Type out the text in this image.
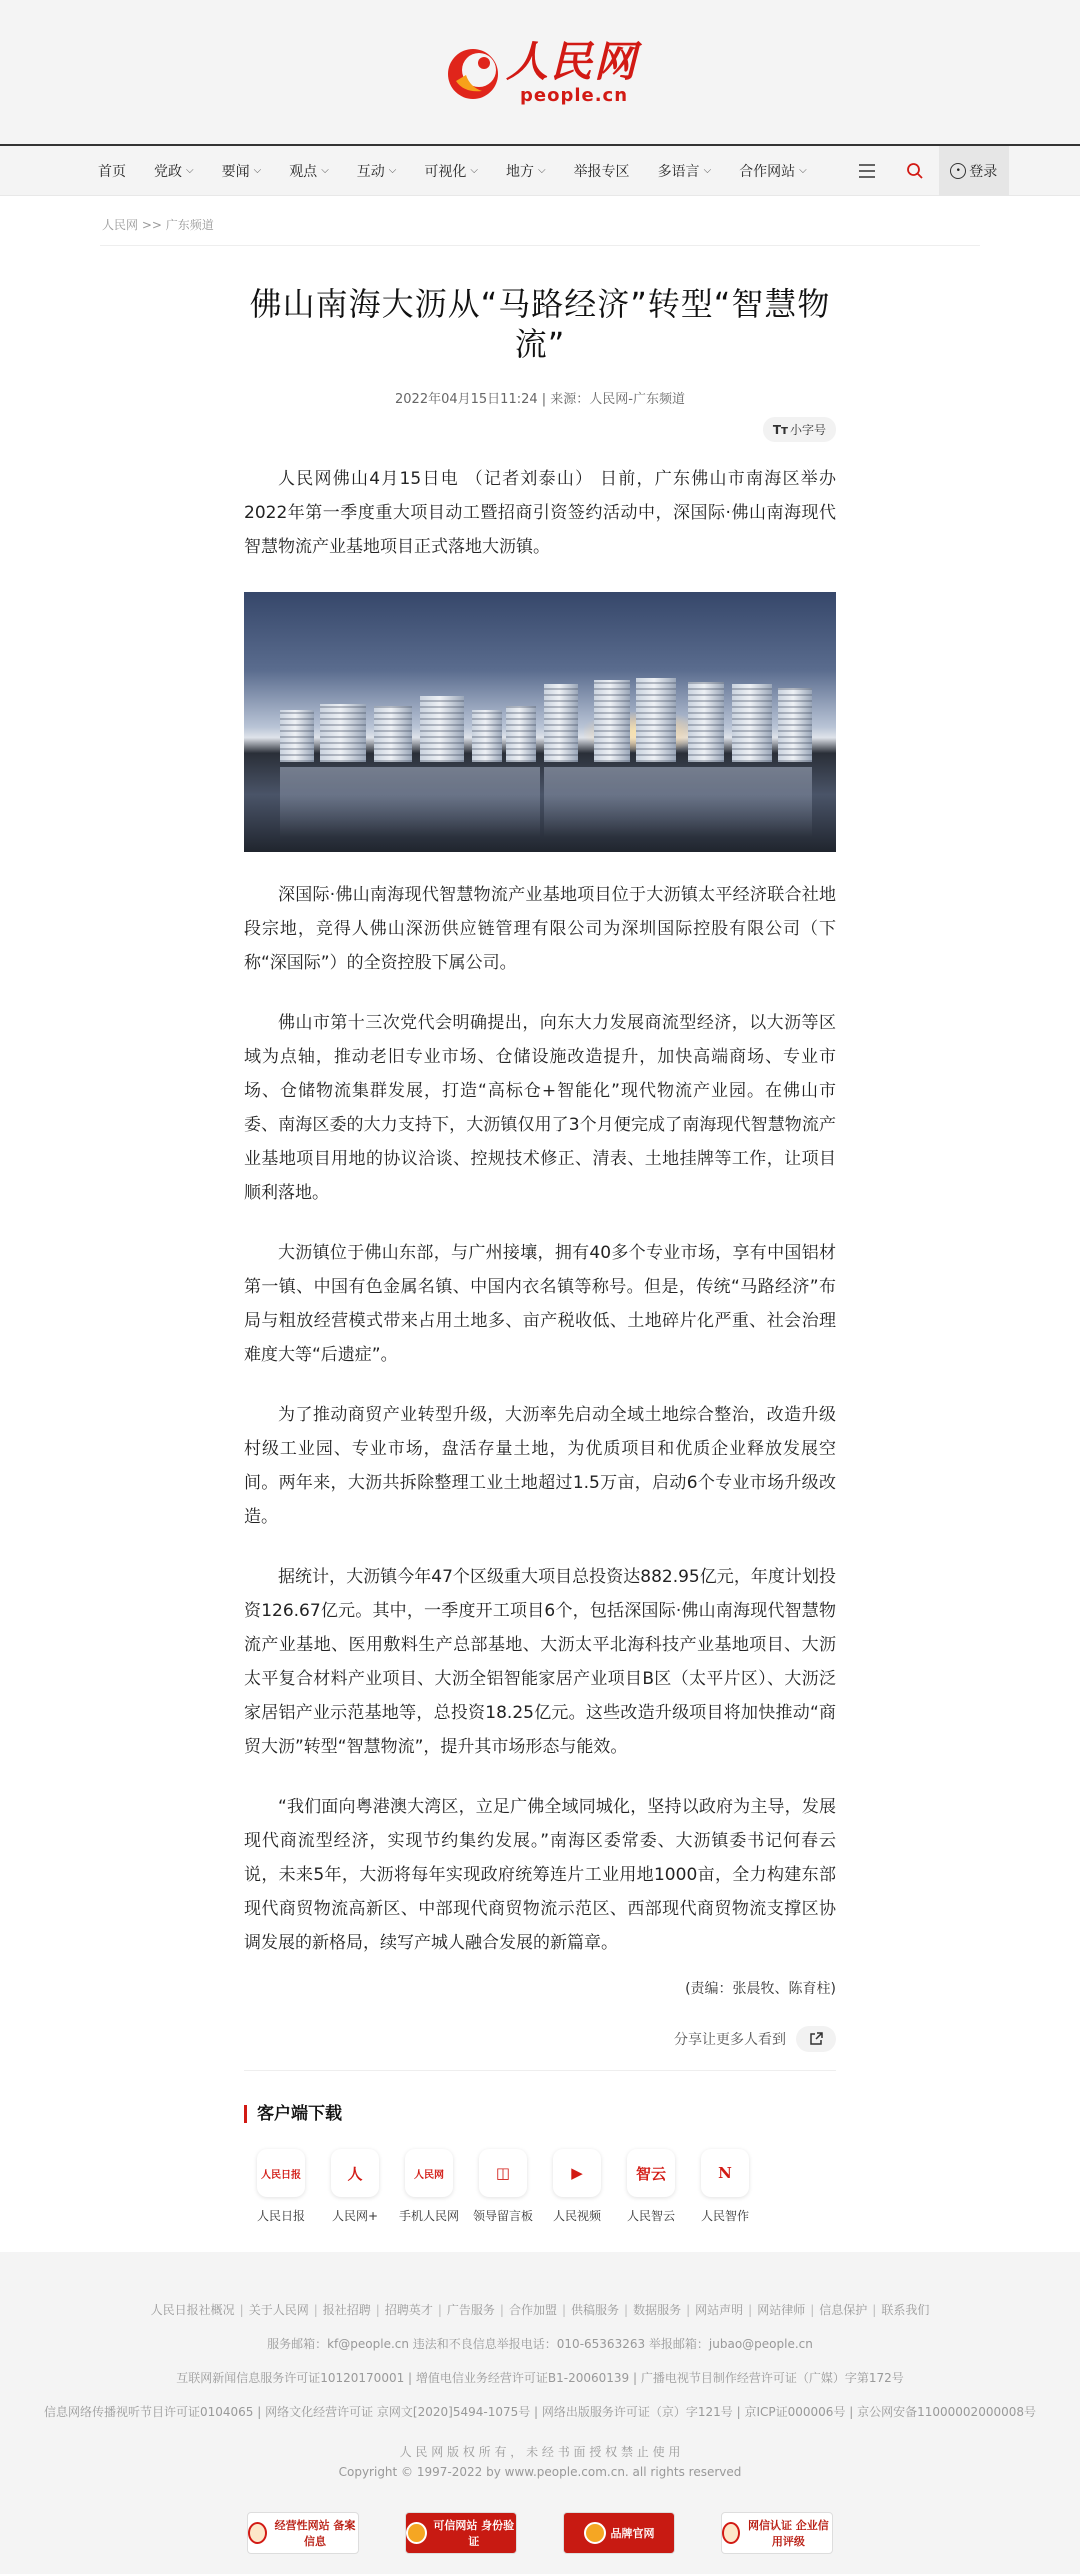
人民网
people.cn
首页 党政 ⌵ 要闻 ⌵ 观点 ⌵ 互动 ⌵ 可视化 ⌵ 地方 ⌵ 举报专区 多语言 ⌵ 合作网站 ⌵	• 登录
人民网 >> 广东频道
佛山南海大沥从“马路经济”转型“智慧物流”
2022年04月15日11:24 | 来源：人民网-广东频道
Tт 小字号

人民网佛山4月15日电 （记者刘泰山） 日前，广东佛山市南海区举办2022年第一季度重大项目动工暨招商引资签约活动中，深国际·佛山南海现代智慧物流产业基地项目正式落地大沥镇。

深国际·佛山南海现代智慧物流产业基地项目位于大沥镇太平经济联合社地段宗地，竞得人佛山深沥供应链管理有限公司为深圳国际控股有限公司（下称“深国际”）的全资控股下属公司。

佛山市第十三次党代会明确提出，向东大力发展商流型经济，以大沥等区域为点轴，推动老旧专业市场、仓储设施改造提升，加快高端商场、专业市场、仓储物流集群发展，打造“高标仓+智能化”现代物流产业园。在佛山市委、南海区委的大力支持下，大沥镇仅用了3个月便完成了南海现代智慧物流产业基地项目用地的协议洽谈、控规技术修正、清表、土地挂牌等工作，让项目顺利落地。

大沥镇位于佛山东部，与广州接壤，拥有40多个专业市场，享有中国铝材第一镇、中国有色金属名镇、中国内衣名镇等称号。但是，传统“马路经济”布局与粗放经营模式带来占用土地多、亩产税收低、土地碎片化严重、社会治理难度大等“后遗症”。

为了推动商贸产业转型升级，大沥率先启动全域土地综合整治，改造升级村级工业园、专业市场，盘活存量土地，为优质项目和优质企业释放发展空间。两年来，大沥共拆除整理工业土地超过1.5万亩，启动6个专业市场升级改造。

据统计，大沥镇今年47个区级重大项目总投资达882.95亿元，年度计划投资126.67亿元。其中，一季度开工项目6个，包括深国际·佛山南海现代智慧物流产业基地、医用敷料生产总部基地、大沥太平北海科技产业基地项目、大沥太平复合材料产业项目、大沥全铝智能家居产业项目B区（太平片区）、大沥泛家居铝产业示范基地等，总投资18.25亿元。这些改造升级项目将加快推动“商贸大沥”转型“智慧物流”，提升其市场形态与能效。

“我们面向粤港澳大湾区，立足广佛全域同城化，坚持以政府为主导，发展现代商流型经济，实现节约集约发展。”南海区委常委、大沥镇委书记何春云说，未来5年，大沥将每年实现政府统筹连片工业用地1000亩，全力构建东部现代商贸物流高新区、中部现代商贸物流示范区、西部现代商贸物流支撑区协调发展的新格局，续写产城人融合发展的新篇章。

(责编：张晨牧、陈育柱)
分享让更多人看到
客户端下载
人民日报
人民日报
人
人民网+
人民网
手机人民网
◫
领导留言板
▶
人民视频
智云
人民智云
N
人民智作
人民日报社概况 | 关于人民网 | 报社招聘 | 招聘英才 | 广告服务 | 合作加盟 | 供稿服务 | 数据服务 | 网站声明 | 网站律师 | 信息保护 | 联系我们
服务邮箱：kf@people.cn 违法和不良信息举报电话：010-65363263 举报邮箱：jubao@people.cn
互联网新闻信息服务许可证10120170001 | 增值电信业务经营许可证B1-20060139 | 广播电视节目制作经营许可证（广媒）字第172号
信息网络传播视听节目许可证0104065 | 网络文化经营许可证 京网文[2020]5494-1075号 | 网络出版服务许可证（京）字121号 | 京ICP证000006号 | 京公网安备11000002000008号
人 民 网 版 权 所 有 ， 未 经 书 面 授 权 禁 止 使 用
Copyright © 1997-2022 by www.people.com.cn. all rights reserved
经营性网站 备案信息
可信网站 身份验证
品牌官网
网信认证 企业信用评级
